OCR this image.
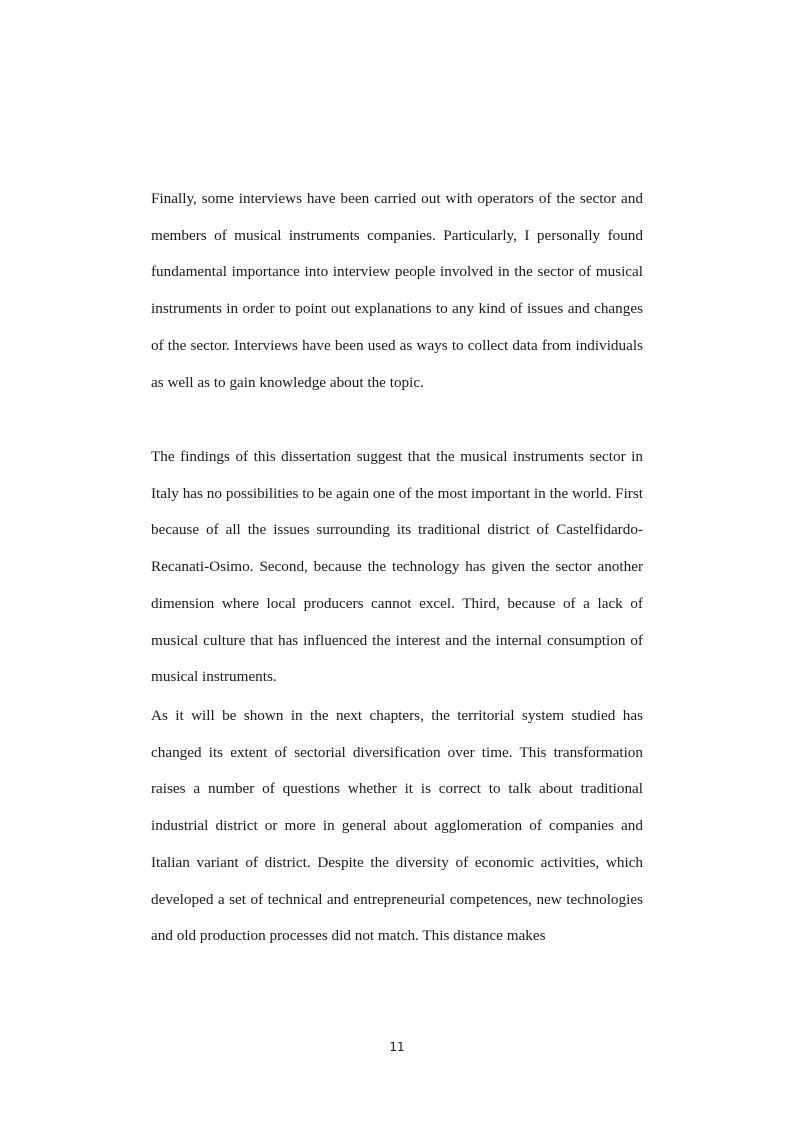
Finally, some interviews have been carried out with operators of the sector and members of musical instruments companies. Particularly, I personally found fundamental importance into interview people involved in the sector of musical instruments in order to point out explanations to any kind of issues and changes of the sector. Interviews have been used as ways to collect data from individuals as well as to gain knowledge about the topic.

The findings of this dissertation suggest that the musical instruments sector in Italy has no possibilities to be again one of the most important in the world. First because of all the issues surrounding its traditional district of Castelfidardo-Recanati-Osimo. Second, because the technology has given the sector another dimension where local producers cannot excel. Third, because of a lack of musical culture that has influenced the interest and the internal consumption of musical instruments.

As it will be shown in the next chapters, the territorial system studied has changed its extent of sectorial diversification over time. This transformation raises a number of questions whether it is correct to talk about traditional industrial district or more in general about agglomeration of companies and Italian variant of district. Despite the diversity of economic activities, which developed a set of technical and entrepreneurial competences, new technologies and old production processes did not match. This distance makes

11
